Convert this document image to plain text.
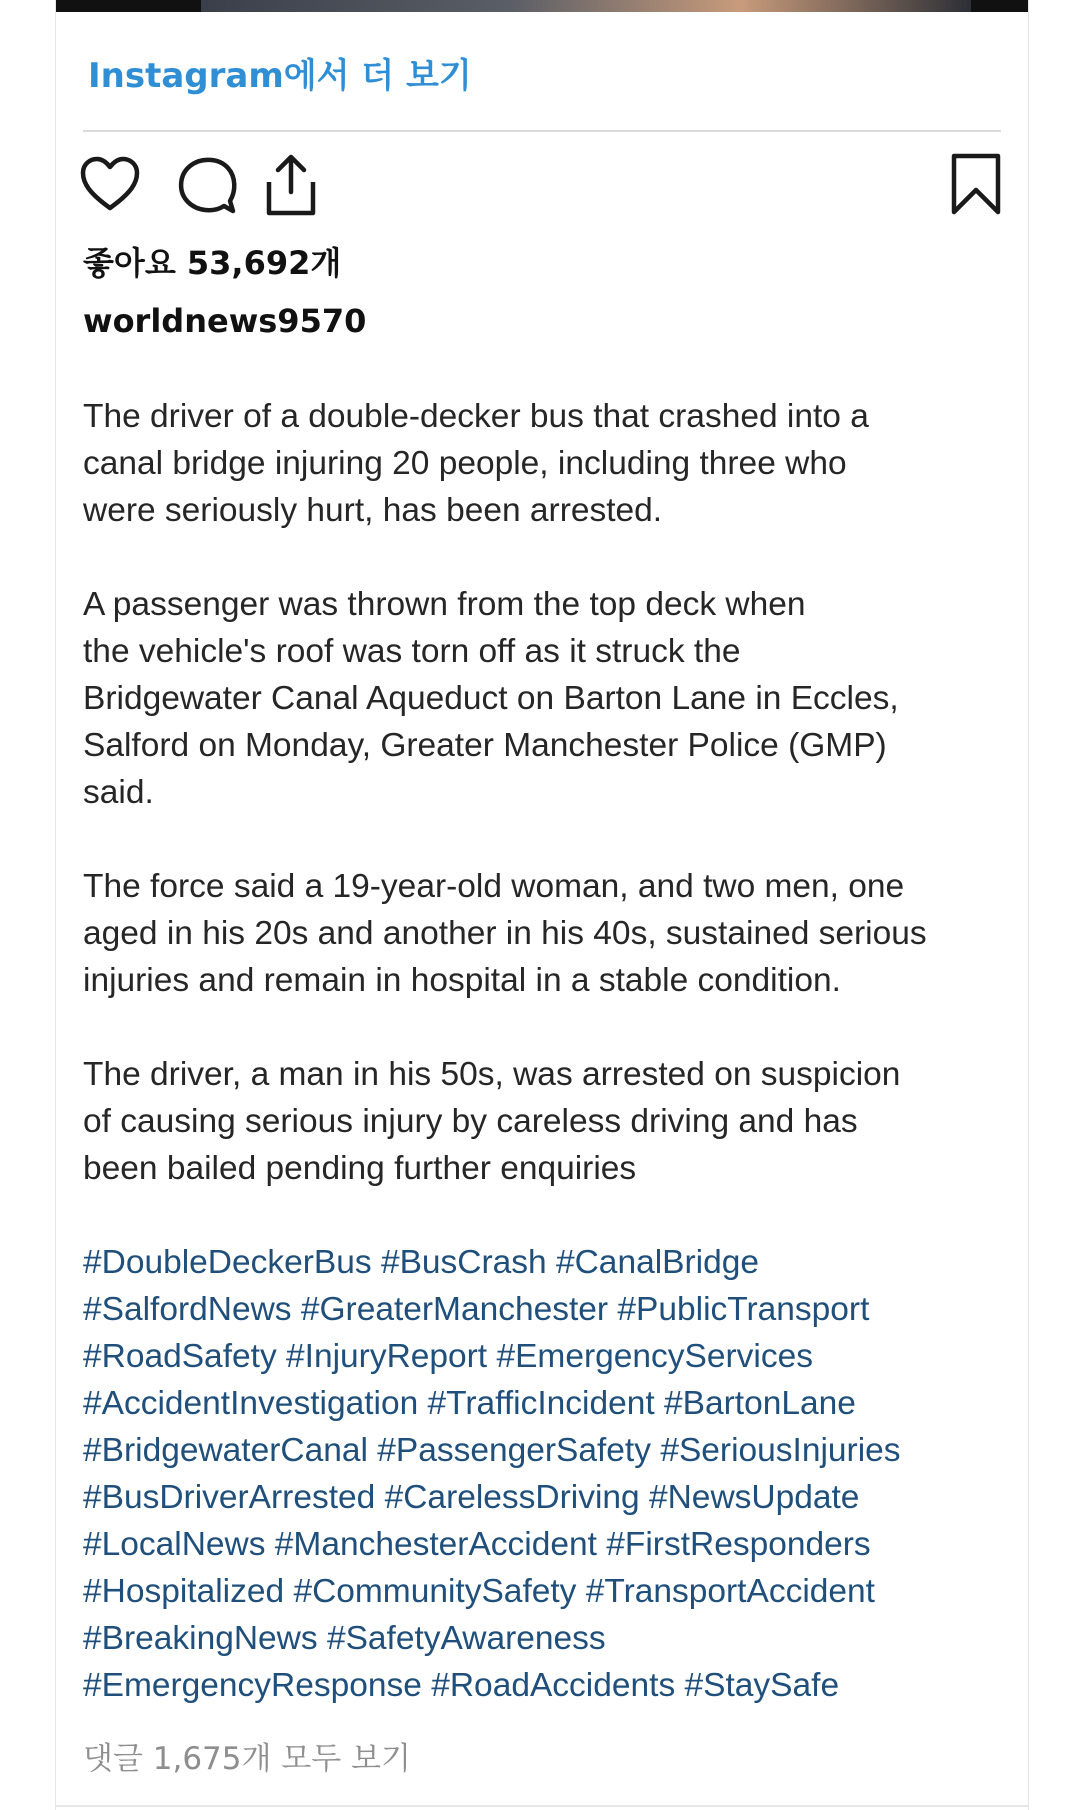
Instagram에서 더 보기
좋아요 53,692개
worldnews9570

The driver of a double-decker bus that crashed into a
canal bridge injuring 20 people, including three who
were seriously hurt, has been arrested.

A passenger was thrown from the top deck when
the vehicle's roof was torn off as it struck the
Bridgewater Canal Aqueduct on Barton Lane in Eccles,
Salford on Monday, Greater Manchester Police (GMP)
said.

The force said a 19-year-old woman, and two men, one
aged in his 20s and another in his 40s, sustained serious
injuries and remain in hospital in a stable condition.

The driver, a man in his 50s, was arrested on suspicion
of causing serious injury by careless driving and has
been bailed pending further enquiries

#DoubleDeckerBus #BusCrash #CanalBridge
#SalfordNews #GreaterManchester #PublicTransport
#RoadSafety #InjuryReport #EmergencyServices
#AccidentInvestigation #TrafficIncident #BartonLane
#BridgewaterCanal #PassengerSafety #SeriousInjuries
#BusDriverArrested #CarelessDriving #NewsUpdate
#LocalNews #ManchesterAccident #FirstResponders
#Hospitalized #CommunitySafety #TransportAccident
#BreakingNews #SafetyAwareness
#EmergencyResponse #RoadAccidents #StaySafe

댓글 1,675개 모두 보기
